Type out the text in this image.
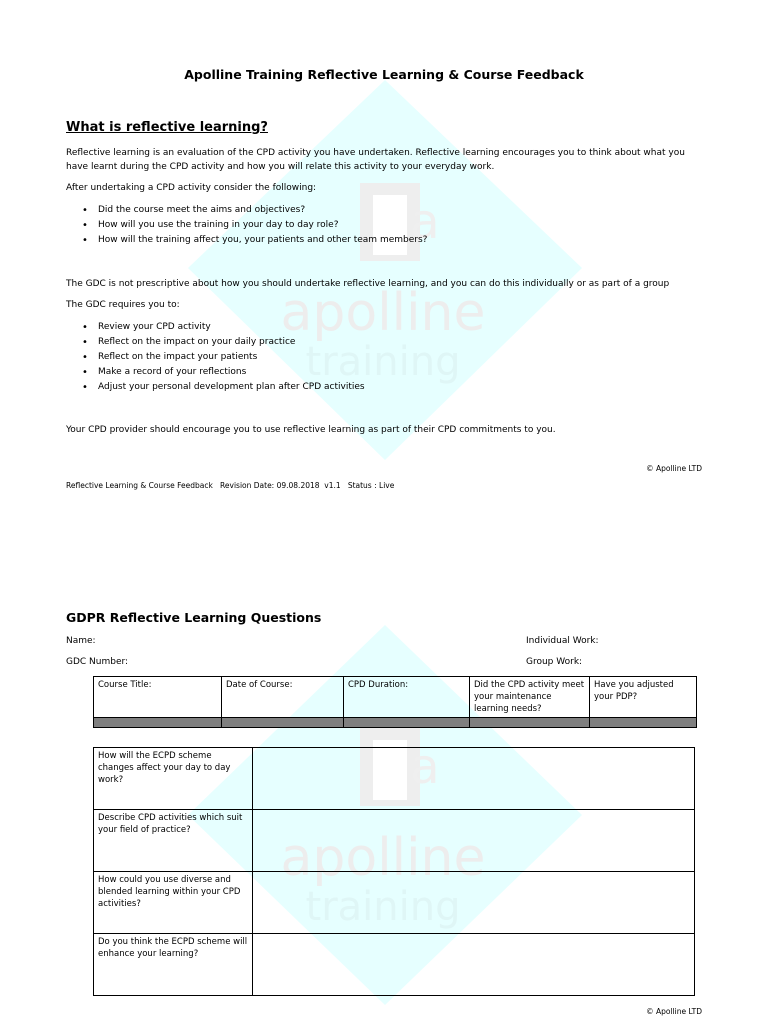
a
apolline
training
a
apolline
training
Apolline Training Reflective Learning & Course Feedback
What is reflective learning?
Reflective learning is an evaluation of the CPD activity you have undertaken. Reflective learning encourages you to think about what you have learnt during the CPD activity and how you will relate this activity to your everyday work.
After undertaking a CPD activity consider the following:
• Did the course meet the aims and objectives?
• How will you use the training in your day to day role?
• How will the training affect you, your patients and other team members?
The GDC is not prescriptive about how you should undertake reflective learning, and you can do this individually or as part of a group
The GDC requires you to:
• Review your CPD activity
• Reflect on the impact on your daily practice
• Reflect on the impact your patients
• Make a record of your reflections
• Adjust your personal development plan after CPD activities
Your CPD provider should encourage you to use reflective learning as part of their CPD commitments to you.
© Apolline LTD
Reflective Learning & Course Feedback   Revision Date: 09.08.2018  v1.1   Status : Live
GDPR Reflective Learning Questions
Name:	Individual Work:
GDC Number:	Group Work:
Course Title:	Date of Course:	CPD Duration:	Did the CPD activity meet your maintenance learning needs?	Have you adjusted your PDP?

How will the ECPD scheme changes affect your day to day work?	
Describe CPD activities which suit your field of practice?	
How could you use diverse and blended learning within your CPD activities?	
Do you think the ECPD scheme will enhance your learning?	
© Apolline LTD
